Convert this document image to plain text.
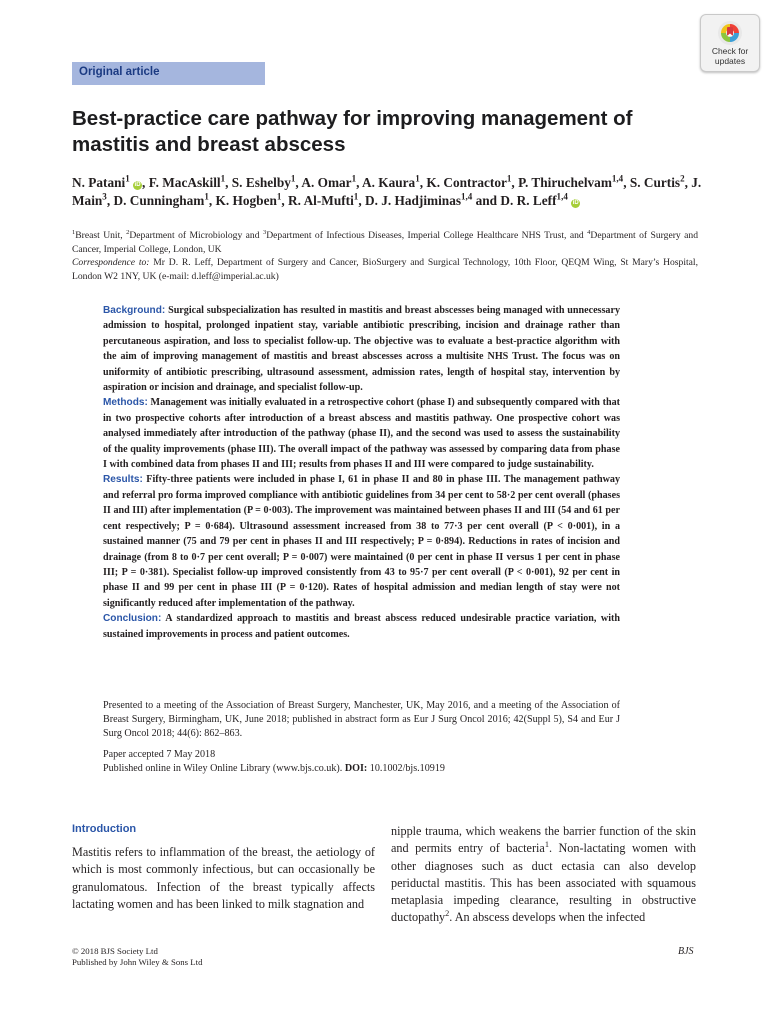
Check for
updates
Original article
Best-practice care pathway for improving management of mastitis and breast abscess

N. Patani$^1$ iD , F. MacAskill$^1$, S. Eshelby$^1$, A. Omar$^1$, A. Kaura$^1$, K. Contractor$^1$, P. Thiruchelvam$^{1,4}$, S. Curtis$^2$, J. Main$^3$, D. Cunningham$^1$, K. Hogben$^1$, R. Al-Mufti$^1$, D. J. Hadjiminas$^{1,4}$ and D. R. Leff$^{1,4}$ iD

$^1$Breast Unit, $^2$Department of Microbiology and $^3$Department of Infectious Diseases, Imperial College Healthcare NHS Trust, and $^4$Department of Surgery and Cancer, Imperial College, London, UK
Correspondence to: Mr D. R. Leff, Department of Surgery and Cancer, BioSurgery and Surgical Technology, 10th Floor, QEQM Wing, St Mary’s Hospital, London W2 1NY, UK (e-mail: d.leff@imperial.ac.uk)

Background: Surgical subspecialization has resulted in mastitis and breast abscesses being managed with unnecessary admission to hospital, prolonged inpatient stay, variable antibiotic prescribing, incision and drainage rather than percutaneous aspiration, and loss to specialist follow-up. The objective was to evaluate a best-practice algorithm with the aim of improving management of mastitis and breast abscesses across a multisite NHS Trust. The focus was on uniformity of antibiotic prescribing, ultrasound assessment, admission rates, length of hospital stay, intervention by aspiration or incision and drainage, and specialist follow-up.

Methods: Management was initially evaluated in a retrospective cohort (phase I) and subsequently compared with that in two prospective cohorts after introduction of a breast abscess and mastitis pathway. One prospective cohort was analysed immediately after introduction of the pathway (phase II), and the second was used to assess the sustainability of the quality improvements (phase III). The overall impact of the pathway was assessed by comparing data from phase I with combined data from phases II and III; results from phases II and III were compared to judge sustainability.

Results: Fifty-three patients were included in phase I, 61 in phase II and 80 in phase III. The management pathway and referral pro forma improved compliance with antibiotic guidelines from 34 per cent to 58·2 per cent overall (phases II and III) after implementation (P = 0·003). The improvement was maintained between phases II and III (54 and 61 per cent respectively; P = 0·684). Ultrasound assessment increased from 38 to 77·3 per cent overall (P < 0·001), in a sustained manner (75 and 79 per cent in phases II and III respectively; P = 0·894). Reductions in rates of incision and drainage (from 8 to 0·7 per cent overall; P = 0·007) were maintained (0 per cent in phase II versus 1 per cent in phase III; P = 0·381). Specialist follow-up improved consistently from 43 to 95·7 per cent overall (P < 0·001), 92 per cent in phase II and 99 per cent in phase III (P = 0·120). Rates of hospital admission and median length of stay were not significantly reduced after implementation of the pathway.

Conclusion: A standardized approach to mastitis and breast abscess reduced undesirable practice variation, with sustained improvements in process and patient outcomes.

Presented to a meeting of the Association of Breast Surgery, Manchester, UK, May 2016, and a meeting of the Association of Breast Surgery, Birmingham, UK, June 2018; published in abstract form as Eur J Surg Oncol 2016; 42(Suppl 5), S4 and Eur J Surg Oncol 2018; 44(6): 862–863.

Paper accepted 7 May 2018

Published online in Wiley Online Library (www.bjs.co.uk). DOI: 10.1002/bjs.10919

Introduction

Mastitis refers to inflammation of the breast, the aetiology of which is most commonly infectious, but can occasionally be granulomatous. Infection of the breast typically affects lactating women and has been linked to milk stagnation and

nipple trauma, which weakens the barrier function of the skin and permits entry of bacteria$^1$. Non-lactating women with other diagnoses such as duct ectasia can also develop periductal mastitis. This has been associated with squamous metaplasia impeding clearance, resulting in obstructive ductopathy$^2$. An abscess develops when the infected

© 2018 BJS Society Ltd
Published by John Wiley & Sons Ltd
BJS
